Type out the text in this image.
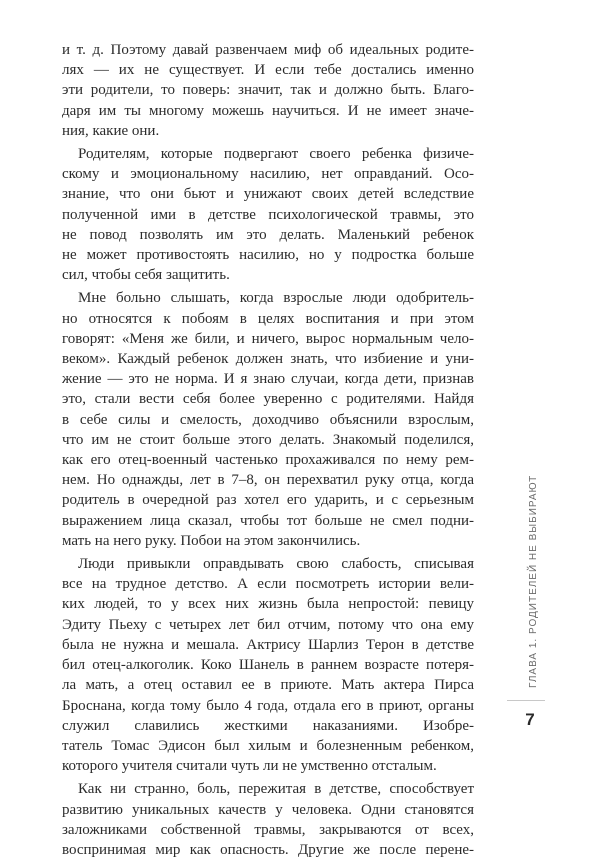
и т. д. Поэтому давай развенчаем миф об идеальных родите-
лях — их не существует. И если тебе достались именно
эти родители, то поверь: значит, так и должно быть. Благо-
даря им ты многому можешь научиться. И не имеет значе-
ния, какие они.

Родителям, которые подвергают своего ребенка физиче-
скому и эмоциональному насилию, нет оправданий. Осо-
знание, что они бьют и унижают своих детей вследствие
полученной ими в детстве психологической травмы, это
не повод позволять им это делать. Маленький ребенок
не может противостоять насилию, но у подростка больше
сил, чтобы себя защитить.

Мне больно слышать, когда взрослые люди одобритель-
но относятся к побоям в целях воспитания и при этом
говорят: «Меня же били, и ничего, вырос нормальным чело-
веком». Каждый ребенок должен знать, что избиение и уни-
жение — это не норма. И я знаю случаи, когда дети, признав
это, стали вести себя более уверенно с родителями. Найдя
в себе силы и смелость, доходчиво объяснили взрослым,
что им не стоит больше этого делать. Знакомый поделился,
как его отец-военный частенько прохаживался по нему рем-
нем. Но однажды, лет в 7–8, он перехватил руку отца, когда
родитель в очередной раз хотел его ударить, и с серьезным
выражением лица сказал, чтобы тот больше не смел подни-
мать на него руку. Побои на этом закончились.

Люди привыкли оправдывать свою слабость, списывая
все на трудное детство. А если посмотреть истории вели-
ких людей, то у всех них жизнь была непростой: певицу
Эдиту Пьеху с четырех лет бил отчим, потому что она ему
была не нужна и мешала. Актрису Шарлиз Терон в детстве
бил отец-алкоголик. Коко Шанель в раннем возрасте потеря-
ла мать, а отец оставил ее в приюте. Мать актера Пирса
Броснана, когда тому было 4 года, отдала его в приют, органы
служил славились жесткими наказаниями. Изобре-
татель Томас Эдисон был хилым и болезненным ребенком,
которого учителя считали чуть ли не умственно отсталым.

Как ни странно, боль, пережитая в детстве, способствует
развитию уникальных качеств у человека. Одни становятся
заложниками собственной травмы, закрываются от всех,
воспринимая мир как опасность. Другие же после перене-

ГЛАВА 1. РОДИТЕЛЕЙ НЕ ВЫБИРАЮТ
7
